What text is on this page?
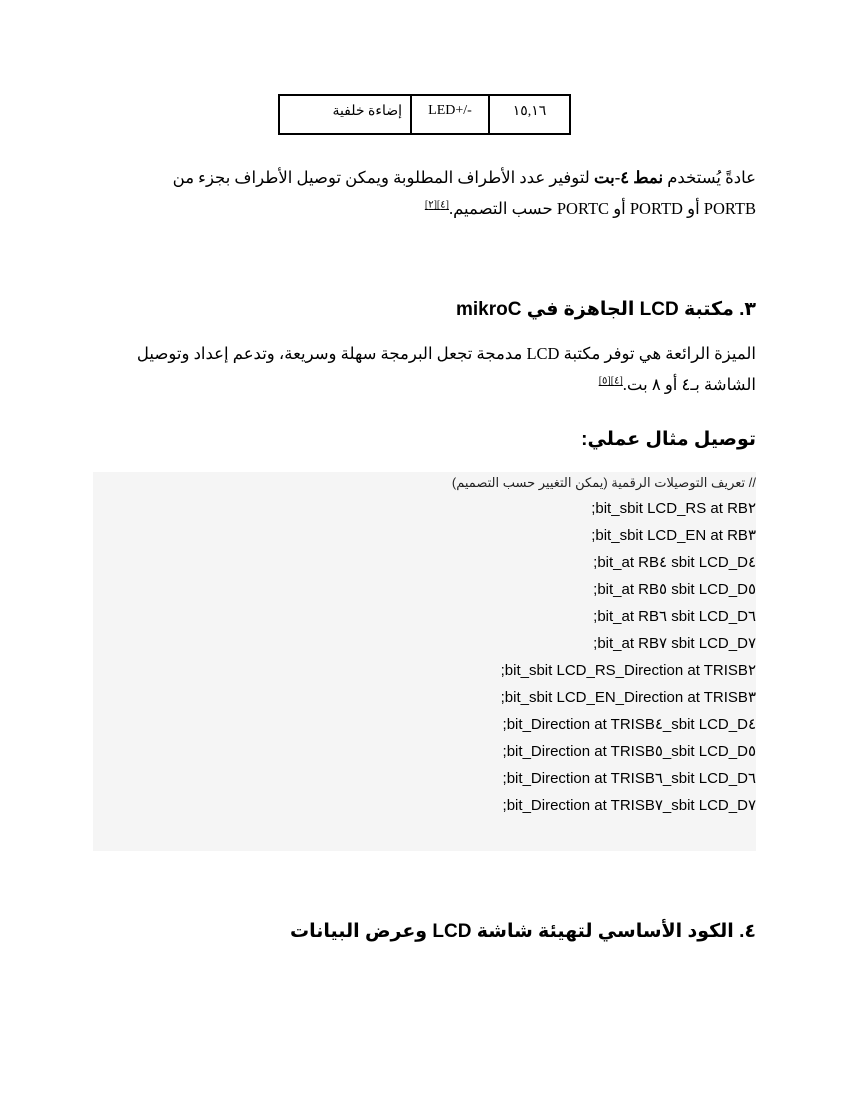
١٥,١٦	LED+/-	إضاءة خلفية
عادةً يُستخدم نمط ٤-بت لتوفير عدد الأطراف المطلوبة ويمكن توصيل الأطراف بجزء من PORTB أو PORTD أو PORTC حسب التصميم.[٤][٢]
٣. مكتبة LCD الجاهزة في mikroC
الميزة الرائعة هي توفر مكتبة LCD مدمجة تجعل البرمجة سهلة وسريعة، وتدعم إعداد وتوصيل الشاشة بـ٤ أو ٨ بت.[٤][٥]
توصيل مثال عملي:
// تعريف التوصيلات الرقمية (يمكن التغيير حسب التصميم)
sbit LCD_RS at RB٢_bit;
sbit LCD_EN at RB٣_bit;
sbit LCD_D٤ at RB٤_bit;
sbit LCD_D٥ at RB٥_bit;
sbit LCD_D٦ at RB٦_bit;
sbit LCD_D٧ at RB٧_bit;
sbit LCD_RS_Direction at TRISB٢_bit;
sbit LCD_EN_Direction at TRISB٣_bit;
sbit LCD_D٤_Direction at TRISB٤_bit;
sbit LCD_D٥_Direction at TRISB٥_bit;
sbit LCD_D٦_Direction at TRISB٦_bit;
sbit LCD_D٧_Direction at TRISB٧_bit;
٤. الكود الأساسي لتهيئة شاشة LCD وعرض البيانات
